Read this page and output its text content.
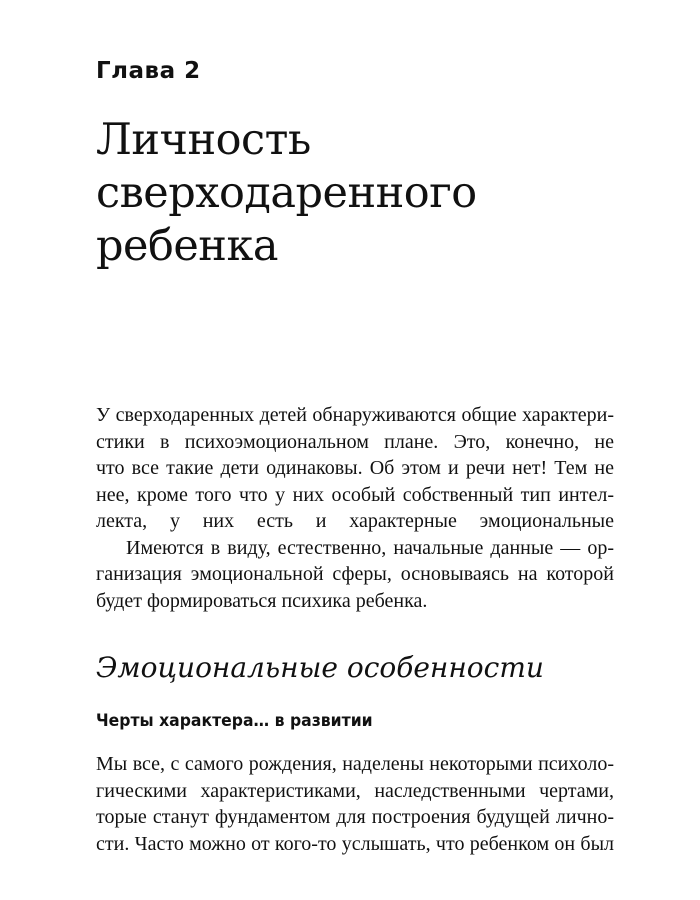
Глава 2
Личность
сверходаренного
ребенка
У сверходаренных детей обнаруживаются общие характери-
стики в психоэмоциональном плане. Это, конечно, не
что все такие дети одинаковы. Об этом и речи нет! Тем не
нее, кроме того что у них особый собственный тип интел-
лекта, у них есть и характерные эмоциональные
Имеются в виду, естественно, начальные данные — ор-
ганизация эмоциональной сферы, основываясь на которой
будет формироваться психика ребенка.
Эмоциональные особенности
Черты характера… в развитии
Мы все, с самого рождения, наделены некоторыми психоло-
гическими характеристиками, наследственными чертами,
торые станут фундаментом для построения будущей лично-
сти. Часто можно от кого-то услышать, что ребенком он был
